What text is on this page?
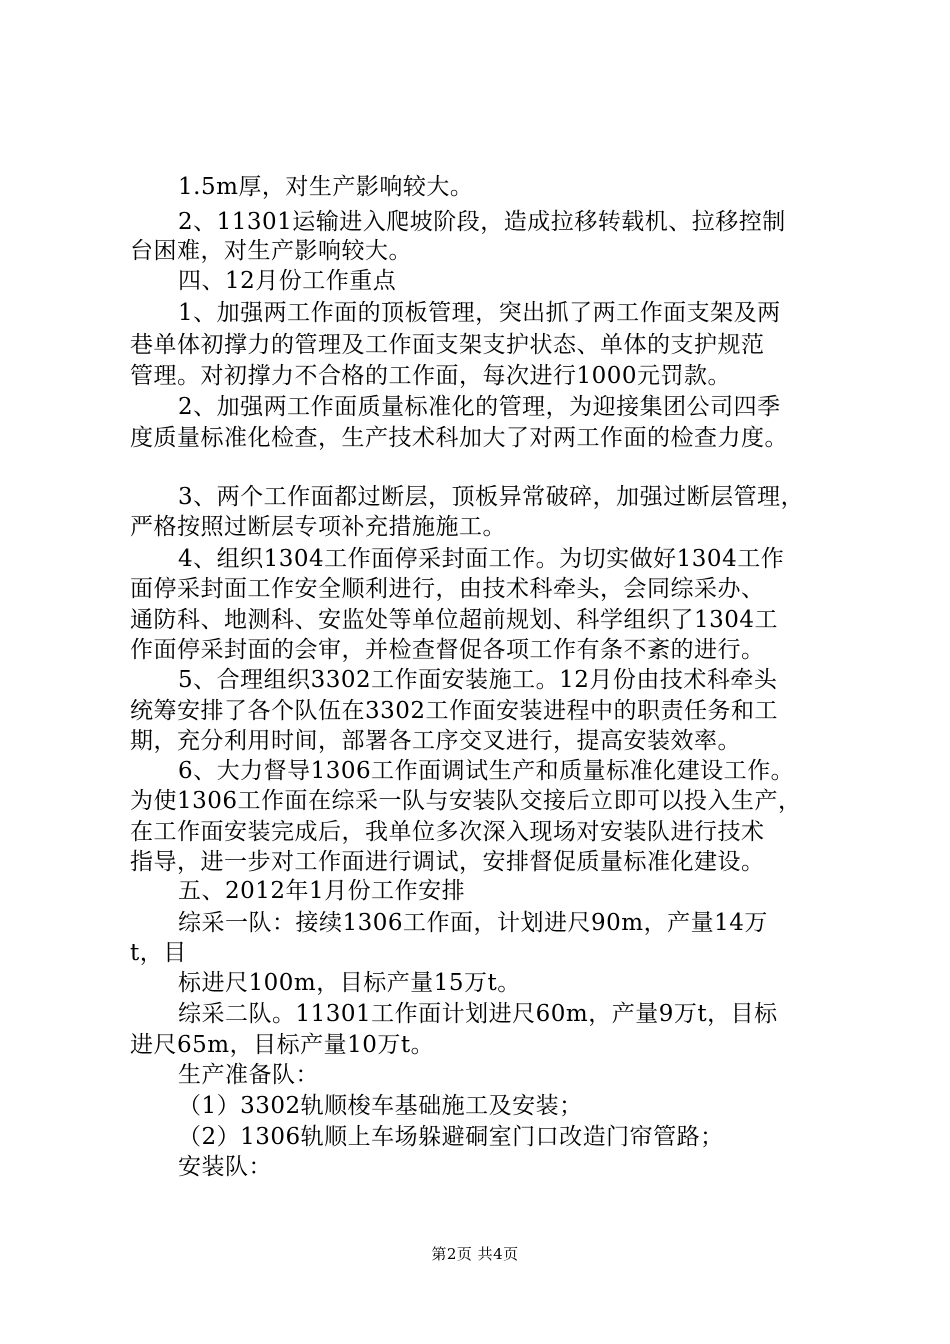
1.5m厚，对生产影响较大。
2、11301运输进入爬坡阶段，造成拉移转载机、拉移控制
台困难，对生产影响较大。
四、12月份工作重点
1、加强两工作面的顶板管理，突出抓了两工作面支架及两
巷单体初撑力的管理及工作面支架支护状态、单体的支护规范
管理。对初撑力不合格的工作面，每次进行1000元罚款。
2、加强两工作面质量标准化的管理，为迎接集团公司四季
度质量标准化检查，生产技术科加大了对两工作面的检查力度。
3、两个工作面都过断层，顶板异常破碎，加强过断层管理，
严格按照过断层专项补充措施施工。
4、组织1304工作面停采封面工作。为切实做好1304工作
面停采封面工作安全顺利进行，由技术科牵头，会同综采办、
通防科、地测科、安监处等单位超前规划、科学组织了1304工
作面停采封面的会审，并检查督促各项工作有条不紊的进行。
5、合理组织3302工作面安装施工。12月份由技术科牵头
统筹安排了各个队伍在3302工作面安装进程中的职责任务和工
期，充分利用时间，部署各工序交叉进行，提高安装效率。
6、大力督导1306工作面调试生产和质量标准化建设工作。
为使1306工作面在综采一队与安装队交接后立即可以投入生产，
在工作面安装完成后，我单位多次深入现场对安装队进行技术
指导，进一步对工作面进行调试，安排督促质量标准化建设。
五、2012年1月份工作安排
综采一队：接续1306工作面，计划进尺90m，产量14万
t，目
标进尺100m，目标产量15万t。
综采二队。11301工作面计划进尺60m，产量9万t，目标
进尺65m，目标产量10万t。
生产准备队：
（1）3302轨顺梭车基础施工及安装；
（2）1306轨顺上车场躲避硐室门口改造门帘管路；
安装队：
第2页 共4页
